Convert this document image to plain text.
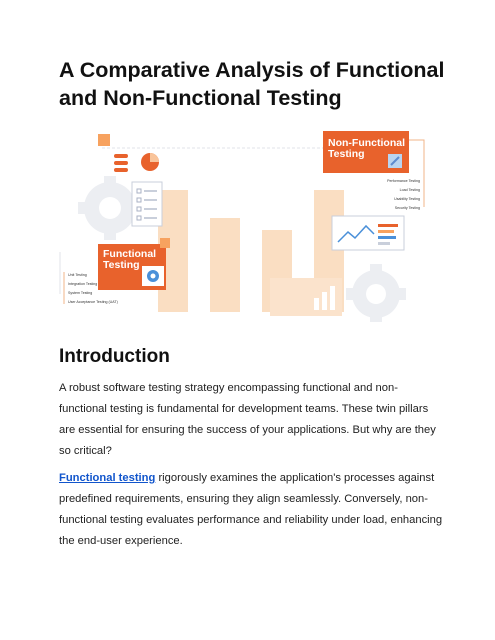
A Comparative Analysis of Functional and Non-Functional Testing
Non-Functional
Testing
Performance Testing
Load Testing
Usability Testing
Security Testing
Functional
Testing
Unit Testing
Integration Testing
System Testing
User Acceptance Testing (UAT)
Introduction

A robust software testing strategy encompassing functional and non-functional testing is fundamental for development teams. These twin pillars are essential for ensuring the success of your applications. But why are they so critical?

Functional testing rigorously examines the application's processes against predefined requirements, ensuring they align seamlessly. Conversely, non-functional testing evaluates performance and reliability under load, enhancing the end-user experience.
